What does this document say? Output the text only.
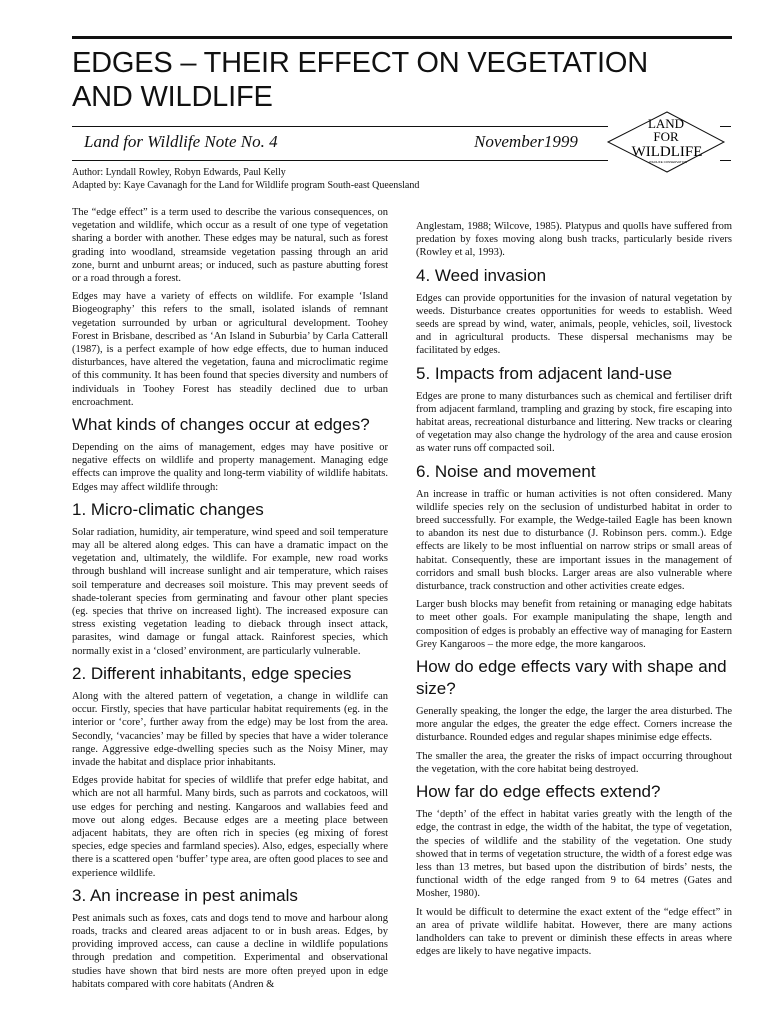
EDGES – THEIR EFFECT ON VEGETATION AND WILDLIFE
Land for Wildlife Note No. 4	November1999
LAND
FOR
WILDLIFE
WILDLIFE CONSERVATION
Author: Lyndall Rowley, Robyn Edwards, Paul Kelly
Adapted by: Kaye Cavanagh for the Land for Wildlife program South-east Queensland

The “edge effect” is a term used to describe the various consequences, on vegetation and wildlife, which occur as a result of one type of vegetation sharing a border with another. These edges may be natural, such as forest grading into woodland, streamside vegetation passing through an arid zone, burnt and unburnt areas; or induced, such as pasture abutting forest or a road through a forest.

Edges may have a variety of effects on wildlife. For example ‘Island Biogeography’ this refers to the small, isolated islands of remnant vegetation surrounded by urban or agricultural development. Toohey Forest in Brisbane, described as ‘An Island in Suburbia’ by Carla Catterall (1987), is a perfect example of how edge effects, due to human induced disturbances, have altered the vegetation, fauna and microclimatic regime of this community. It has been found that species diversity and numbers of individuals in Toohey Forest has steadily declined due to urban encroachment.

What kinds of changes occur at edges?

Depending on the aims of management, edges may have positive or negative effects on wildlife and property management. Managing edge effects can improve the quality and long-term viability of wildlife habitats. Edges may affect wildlife through:

1. Micro-climatic changes

Solar radiation, humidity, air temperature, wind speed and soil temperature may all be altered along edges. This can have a dramatic impact on the vegetation and, ultimately, the wildlife. For example, new road works through bushland will increase sunlight and air temperature, which raises soil temperature and decreases soil moisture. This may prevent seeds of shade-tolerant species from germinating and favour other plant species (eg. species that thrive on increased light). The increased exposure can stress existing vegetation leading to dieback through insect attack, parasites, wind damage or fungal attack. Rainforest species, which normally exist in a ‘closed’ environment, are particularly vulnerable.

2. Different inhabitants, edge species

Along with the altered pattern of vegetation, a change in wildlife can occur. Firstly, species that have particular habitat requirements (eg. in the interior or ‘core’, further away from the edge) may be lost from the area. Secondly, ‘vacancies’ may be filled by species that have a wider tolerance range. Aggressive edge-dwelling species such as the Noisy Miner, may invade the habitat and displace prior inhabitants.

Edges provide habitat for species of wildlife that prefer edge habitat, and which are not all harmful. Many birds, such as parrots and cockatoos, will use edges for perching and nesting. Kangaroos and wallabies feed and move out along edges. Because edges are a meeting place between adjacent habitats, they are often rich in species (eg mixing of forest species, edge species and farmland species). Also, edges, especially where there is a scattered open ‘buffer’ type area, are often good places to see and experience wildlife.

3. An increase in pest animals

Pest animals such as foxes, cats and dogs tend to move and harbour along roads, tracks and cleared areas adjacent to or in bush areas. Edges, by providing improved access, can cause a decline in wildlife populations through predation and competition. Experimental and observational studies have shown that bird nests are more often preyed upon in edge habitats compared with core habitats (Andren &

Anglestam, 1988; Wilcove, 1985). Platypus and quolls have suffered from predation by foxes moving along bush tracks, particularly beside rivers (Rowley et al, 1993).

4. Weed invasion

Edges can provide opportunities for the invasion of natural vegetation by weeds. Disturbance creates opportunities for weeds to establish. Weed seeds are spread by wind, water, animals, people, vehicles, soil, livestock and in agricultural products. These dispersal mechanisms may be facilitated by edges.

5. Impacts from adjacent land-use

Edges are prone to many disturbances such as chemical and fertiliser drift from adjacent farmland, trampling and grazing by stock, fire escaping into habitat areas, recreational disturbance and littering. New tracks or clearing of vegetation may also change the hydrology of the area and cause erosion as water runs off compacted soil.

6. Noise and movement

An increase in traffic or human activities is not often considered. Many wildlife species rely on the seclusion of undisturbed habitat in order to breed successfully. For example, the Wedge-tailed Eagle has been known to abandon its nest due to disturbance (J. Robinson pers. comm.). Edge effects are likely to be most influential on narrow strips or small areas of habitat. Consequently, these are important issues in the management of corridors and small bush blocks. Larger areas are also vulnerable where disturbance, track construction and other activities create edges.

Larger bush blocks may benefit from retaining or managing edge habitats to meet other goals. For example manipulating the shape, length and composition of edges is probably an effective way of managing for Eastern Grey Kangaroos – the more edge, the more kangaroos.

How do edge effects vary with shape and size?

Generally speaking, the longer the edge, the larger the area disturbed. The more angular the edges, the greater the edge effect. Corners increase the disturbance. Rounded edges and regular shapes minimise edge effects.

The smaller the area, the greater the risks of impact occurring throughout the vegetation, with the core habitat being destroyed.

How far do edge effects extend?

The ‘depth’ of the effect in habitat varies greatly with the length of the edge, the contrast in edge, the width of the habitat, the type of vegetation, the species of wildlife and the stability of the vegetation. One study showed that in terms of vegetation structure, the width of a forest edge was less than 13 metres, but based upon the distribution of birds’ nests, the functional width of the edge ranged from 9 to 64 metres (Gates and Mosher, 1980).

It would be difficult to determine the exact extent of the “edge effect” in an area of private wildlife habitat. However, there are many actions landholders can take to prevent or diminish these effects in areas where edges are likely to have negative impacts.
